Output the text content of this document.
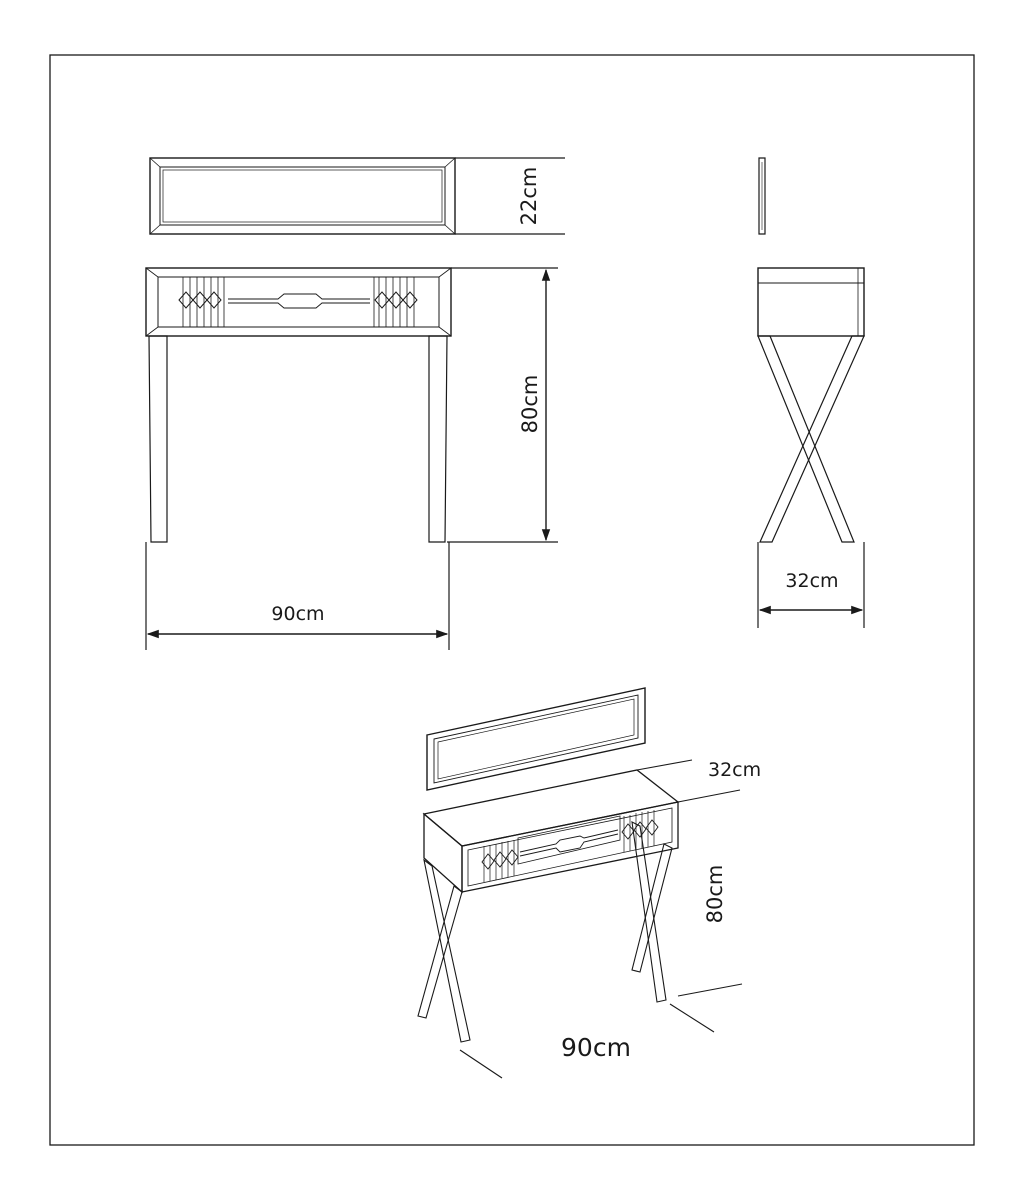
22cm
80cm
90cm
32cm
32cm
80cm
90cm
